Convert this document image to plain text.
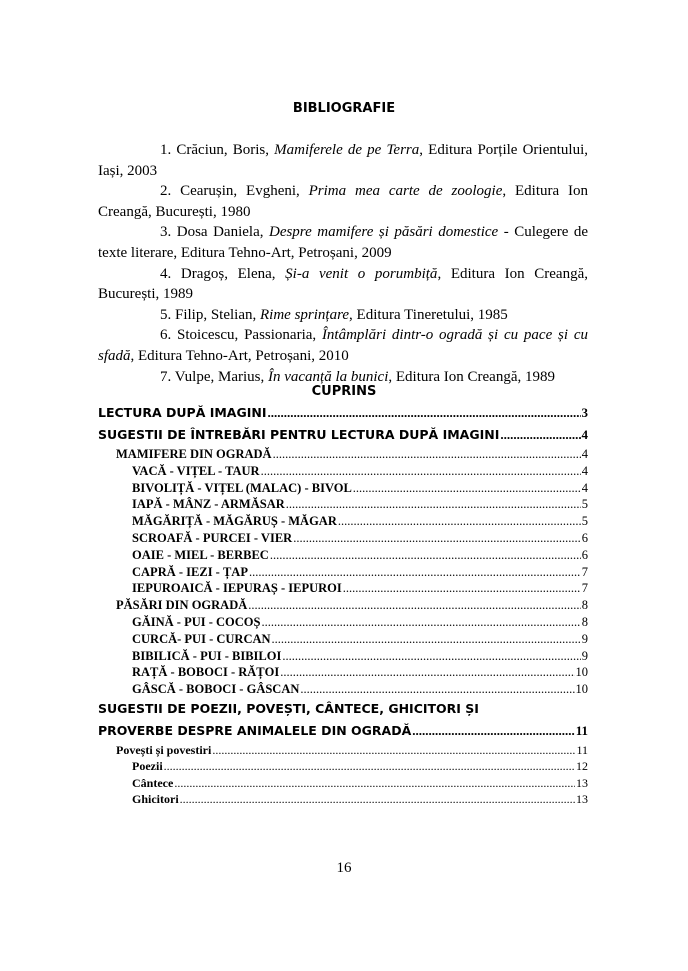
BIBLIOGRAFIE

1. Crăciun, Boris, Mamiferele de pe Terra, Editura Porțile Orientului, Iași, 2003

2. Cearușin, Evgheni, Prima mea carte de zoologie, Editura Ion Creangă, București, 1980

3. Dosa Daniela, Despre mamifere și păsări domestice - Culegere de texte literare, Editura Tehno-Art, Petroșani, 2009

4. Dragoș, Elena, Și-a venit o porumbiță, Editura Ion Creangă, București, 1989

5. Filip, Stelian, Rime sprințare, Editura Tineretului, 1985

6. Stoicescu, Passionaria, Întâmplări dintr-o ogradă și cu pace și cu sfadă, Editura Tehno-Art, Petroșani, 2010

7. Vulpe, Marius, În vacanță la bunici, Editura Ion Creangă, 1989

CUPRINS
LECTURA DUPĂ IMAGINI .....	3
SUGESTII DE ÎNTREBĂRI PENTRU LECTURA DUPĂ IMAGINI .....	4
MAMIFERE DIN OGRADĂ .....	4
VACĂ - VIȚEL - TAUR .....	4
BIVOLIȚĂ - VIȚEL (MALAC) - BIVOL .....	4
IAPĂ - MÂNZ - ARMĂSAR .....	5
MĂGĂRIȚĂ - MĂGĂRUȘ - MĂGAR .....	5
SCROAFĂ - PURCEI - VIER .....	6
OAIE - MIEL - BERBEC .....	6
CAPRĂ - IEZI - ȚAP .....	7
IEPUROAICĂ - IEPURAȘ - IEPUROI .....	7
PĂSĂRI DIN OGRADĂ .....	8
GĂINĂ - PUI - COCOȘ .....	8
CURCĂ- PUI - CURCAN .....	9
BIBILICĂ - PUI - BIBILOI .....	9
RAȚĂ - BOBOCI - RĂȚOI .....	10
GÂSCĂ - BOBOCI - GÂSCAN .....	10
SUGESTII DE POEZII, POVEȘTI, CÂNTECE, GHICITORI ȘI
PROVERBE DESPRE ANIMALELE DIN OGRADĂ .....	11
Povești și povestiri .....	11
Poezii .....	12
Cântece .....	13
Ghicitori .....	13
16
